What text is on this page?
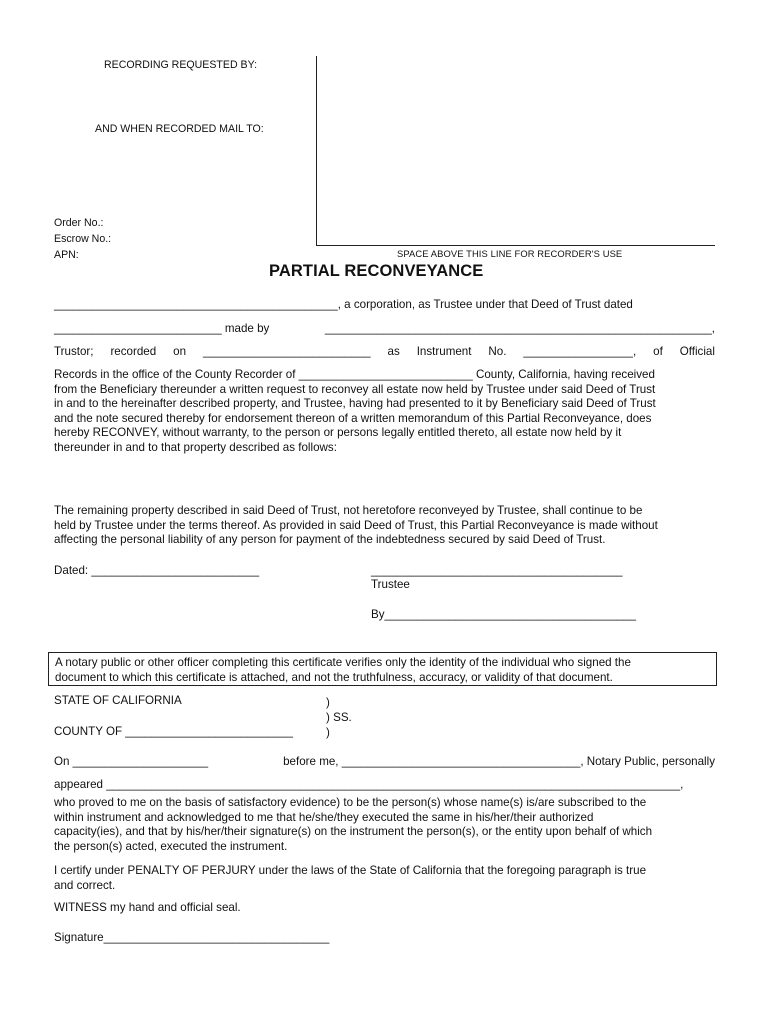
RECORDING REQUESTED BY:
AND WHEN RECORDED MAIL TO:
Order No.:
Escrow No.:
APN:	SPACE ABOVE THIS LINE FOR RECORDER'S USE
PARTIAL RECONVEYANCE
____________________________________________, a corporation, as Trustee under that Deed of Trust dated
__________________________ made by	____________________________________________________________,
Trustor; recorded on __________________________ as Instrument No. _________________, of Official
Records in the office of the County Recorder of ___________________________ County, California, having received
from the Beneficiary thereunder a written request to reconvey all estate now held by Trustee under said Deed of Trust
in and to the hereinafter described property, and Trustee, having had presented to it by Beneficiary said Deed of Trust
and the note secured thereby for endorsement thereon of a written memorandum of this Partial Reconveyance, does
hereby RECONVEY, without warranty, to the person or persons legally entitled thereto, all estate now held by it
thereunder in and to that property described as follows:
The remaining property described in said Deed of Trust, not heretofore reconveyed by Trustee, shall continue to be
held by Trustee under the terms thereof. As provided in said Deed of Trust, this Partial Reconveyance is made without
affecting the personal liability of any person for payment of the indebtedness secured by said Deed of Trust.
Dated: __________________________	_______________________________________
Trustee
By_______________________________________
A notary public or other officer completing this certificate verifies only the identity of the individual who signed the
document to which this certificate is attached, and not the truthfulness, accuracy, or validity of that document.
STATE OF CALIFORNIA	)
) SS.
COUNTY OF __________________________	)
On _____________________	before me, _____________________________________, Notary Public, personally
appeared _________________________________________________________________________________________,
who proved to me on the basis of satisfactory evidence) to be the person(s) whose name(s) is/are subscribed to the
within instrument and acknowledged to me that he/she/they executed the same in his/her/their authorized
capacity(ies), and that by his/her/their signature(s) on the instrument the person(s), or the entity upon behalf of which
the person(s) acted, executed the instrument.
I certify under PENALTY OF PERJURY under the laws of the State of California that the foregoing paragraph is true
and correct.
WITNESS my hand and official seal.
Signature___________________________________
